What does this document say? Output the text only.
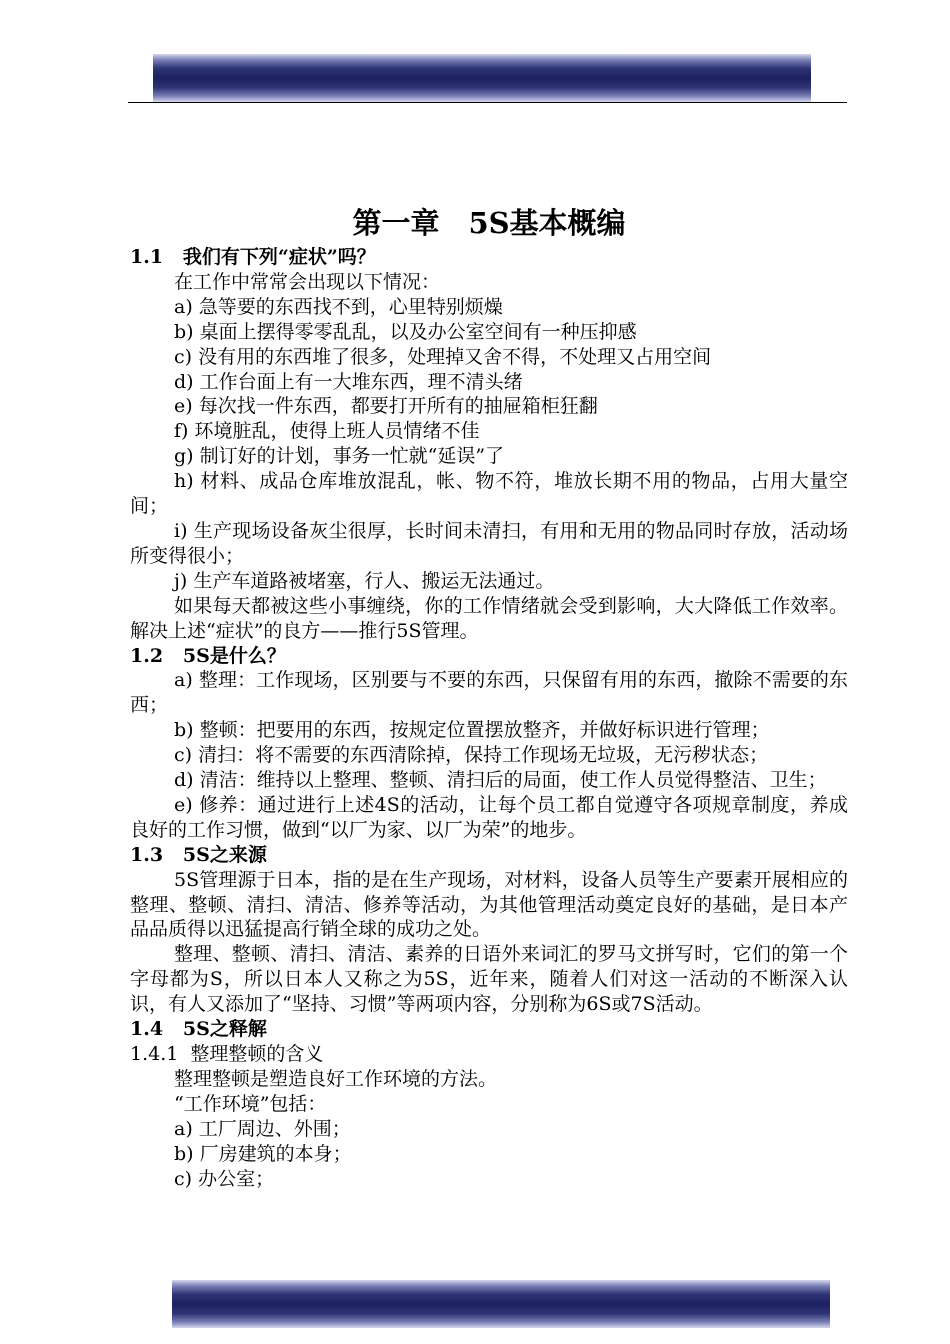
第一章　5S基本概编
1.1   我们有下列“症状”吗？
在工作中常常会出现以下情况：
a) 急等要的东西找不到，心里特别烦燥
b) 桌面上摆得零零乱乱，以及办公室空间有一种压抑感
c) 没有用的东西堆了很多，处理掉又舍不得，不处理又占用空间
d) 工作台面上有一大堆东西，理不清头绪
e) 每次找一件东西，都要打开所有的抽屉箱柜狂翻
f) 环境脏乱，使得上班人员情绪不佳
g) 制订好的计划，事务一忙就“延误”了
h) 材料、成品仓库堆放混乱，帐、物不符，堆放长期不用的物品，占用大量空间；
i) 生产现场设备灰尘很厚，长时间未清扫，有用和无用的物品同时存放，活动场所变得很小；
j) 生产车道路被堵塞，行人、搬运无法通过。
如果每天都被这些小事缠绕，你的工作情绪就会受到影响，大大降低工作效率。解决上述“症状”的良方——推行5S管理。
1.2   5S是什么？
a) 整理：工作现场，区别要与不要的东西，只保留有用的东西，撤除不需要的东西；
b) 整顿：把要用的东西，按规定位置摆放整齐，并做好标识进行管理；
c) 清扫：将不需要的东西清除掉，保持工作现场无垃圾，无污秽状态；
d) 清洁：维持以上整理、整顿、清扫后的局面，使工作人员觉得整洁、卫生；
e) 修养：通过进行上述4S的活动，让每个员工都自觉遵守各项规章制度，养成良好的工作习惯，做到“以厂为家、以厂为荣”的地步。
1.3   5S之来源
5S管理源于日本，指的是在生产现场，对材料，设备人员等生产要素开展相应的整理、整顿、清扫、清洁、修养等活动，为其他管理活动奠定良好的基础，是日本产品品质得以迅猛提高行销全球的成功之处。
整理、整顿、清扫、清洁、素养的日语外来词汇的罗马文拼写时，它们的第一个字母都为S，所以日本人又称之为5S，近年来，随着人们对这一活动的不断深入认识，有人又添加了“坚持、习惯”等两项内容，分别称为6S或7S活动。
1.4   5S之释解
1.4.1  整理整顿的含义
整理整顿是塑造良好工作环境的方法。
“工作环境”包括：
a) 工厂周边、外围；
b) 厂房建筑的本身；
c) 办公室；
